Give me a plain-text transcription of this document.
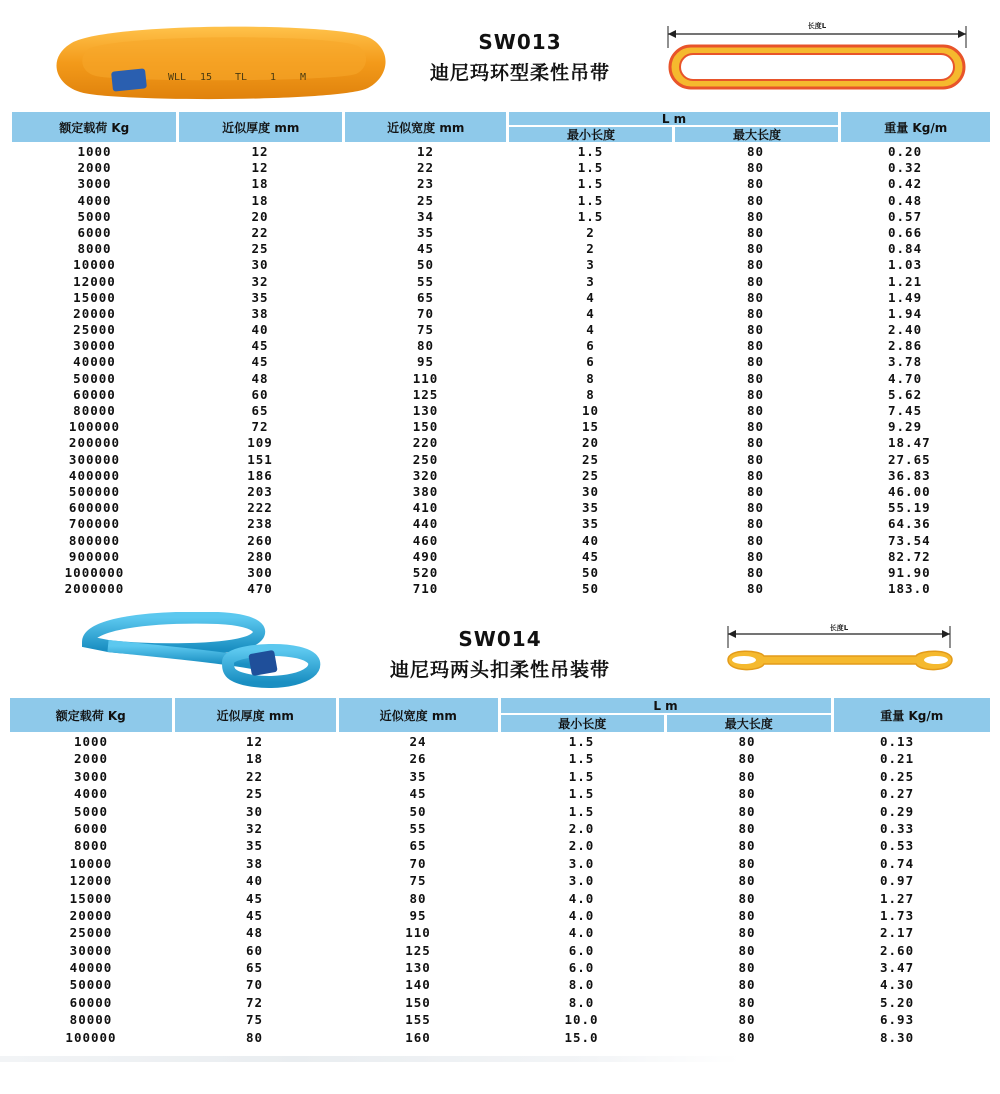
WLL 15 TL 1 M
SW013
迪尼玛环型柔性吊带
长度L
额定载荷 Kg	近似厚度 mm	近似宽度 mm
L m
最小长度	最大长度
重量 Kg/m
1000	12	12	1.5	80	0.20
2000	12	22	1.5	80	0.32
3000	18	23	1.5	80	0.42
4000	18	25	1.5	80	0.48
5000	20	34	1.5	80	0.57
6000	22	35	2	80	0.66
8000	25	45	2	80	0.84
10000	30	50	3	80	1.03
12000	32	55	3	80	1.21
15000	35	65	4	80	1.49
20000	38	70	4	80	1.94
25000	40	75	4	80	2.40
30000	45	80	6	80	2.86
40000	45	95	6	80	3.78
50000	48	110	8	80	4.70
60000	60	125	8	80	5.62
80000	65	130	10	80	7.45
100000	72	150	15	80	9.29
200000	109	220	20	80	18.47
300000	151	250	25	80	27.65
400000	186	320	25	80	36.83
500000	203	380	30	80	46.00
600000	222	410	35	80	55.19
700000	238	440	35	80	64.36
800000	260	460	40	80	73.54
900000	280	490	45	80	82.72
1000000	300	520	50	80	91.90
2000000	470	710	50	80	183.0
SW014
迪尼玛两头扣柔性吊装带
长度L
额定载荷 Kg	近似厚度 mm	近似宽度 mm
L m
最小长度	最大长度
重量 Kg/m
1000	12	24	1.5	80	0.13
2000	18	26	1.5	80	0.21
3000	22	35	1.5	80	0.25
4000	25	45	1.5	80	0.27
5000	30	50	1.5	80	0.29
6000	32	55	2.0	80	0.33
8000	35	65	2.0	80	0.53
10000	38	70	3.0	80	0.74
12000	40	75	3.0	80	0.97
15000	45	80	4.0	80	1.27
20000	45	95	4.0	80	1.73
25000	48	110	4.0	80	2.17
30000	60	125	6.0	80	2.60
40000	65	130	6.0	80	3.47
50000	70	140	8.0	80	4.30
60000	72	150	8.0	80	5.20
80000	75	155	10.0	80	6.93
100000	80	160	15.0	80	8.30
